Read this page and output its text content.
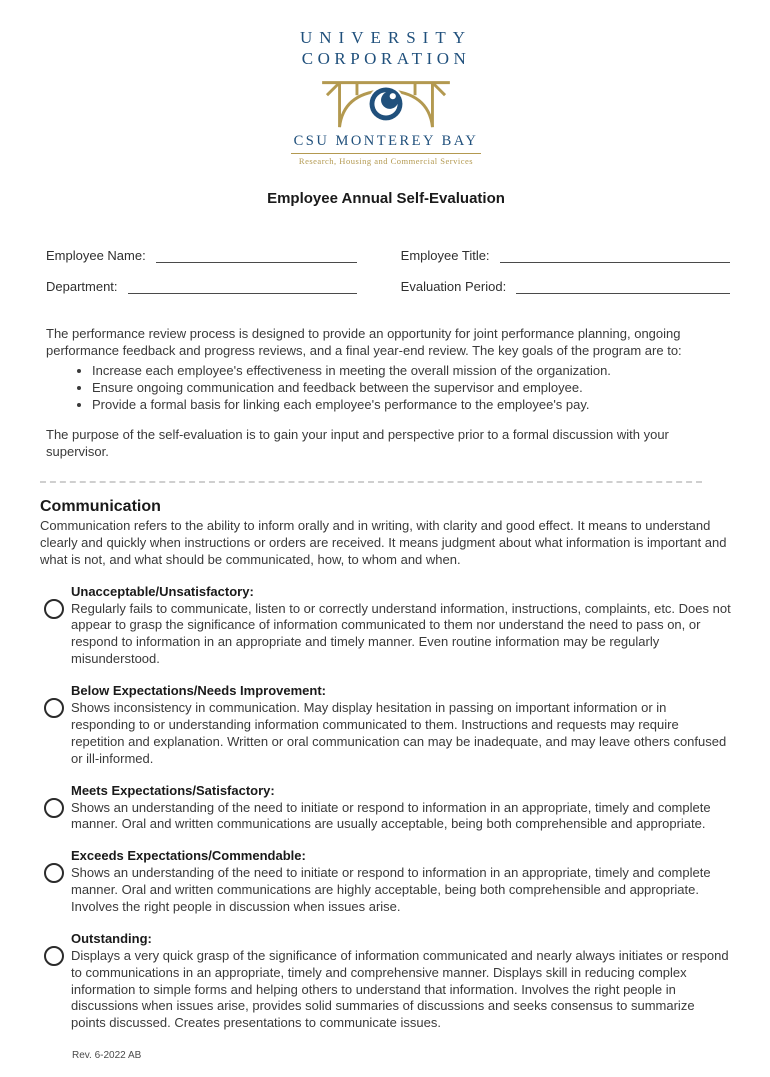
UNIVERSITY
CORPORATION
CSU MONTEREY BAY
Research, Housing and Commercial Services
Employee Annual Self-Evaluation
Employee Name:	Employee Title:
Department:	Evaluation Period:

The performance review process is designed to provide an opportunity for joint performance planning, ongoing performance feedback and progress reviews, and a final year-end review. The key goals of the program are to:

• Increase each employee's effectiveness in meeting the overall mission of the organization.
• Ensure ongoing communication and feedback between the supervisor and employee.
• Provide a formal basis for linking each employee's performance to the employee's pay.

The purpose of the self-evaluation is to gain your input and perspective prior to a formal discussion with your supervisor.

Communication
Communication refers to the ability to inform orally and in writing, with clarity and good effect. It means to understand clearly and quickly when instructions or orders are received. It means judgment about what information is important and what is not, and what should be communicated, how, to whom and when.
Unacceptable/Unsatisfactory:
Regularly fails to communicate, listen to or correctly understand information, instructions, complaints, etc. Does not appear to grasp the significance of information communicated to them nor understand the need to pass on, or respond to information in an appropriate and timely manner. Even routine information may be regularly misunderstood.
Below Expectations/Needs Improvement:
Shows inconsistency in communication. May display hesitation in passing on important information or in responding to or understanding information communicated to them. Instructions and requests may require repetition and explanation. Written or oral communication can may be inadequate, and may leave others confused or ill-informed.
Meets Expectations/Satisfactory:
Shows an understanding of the need to initiate or respond to information in an appropriate, timely and complete manner. Oral and written communications are usually acceptable, being both comprehensible and appropriate.
Exceeds Expectations/Commendable:
Shows an understanding of the need to initiate or respond to information in an appropriate, timely and complete manner. Oral and written communications are highly acceptable, being both comprehensible and appropriate. Involves the right people in discussion when issues arise.
Outstanding:
Displays a very quick grasp of the significance of information communicated and nearly always initiates or respond to communications in an appropriate, timely and comprehensive manner. Displays skill in reducing complex information to simple forms and helping others to understand that information. Involves the right people in discussions when issues arise, provides solid summaries of discussions and seeks consensus to summarize points discussed. Creates presentations to communicate issues.
Rev. 6-2022 AB
